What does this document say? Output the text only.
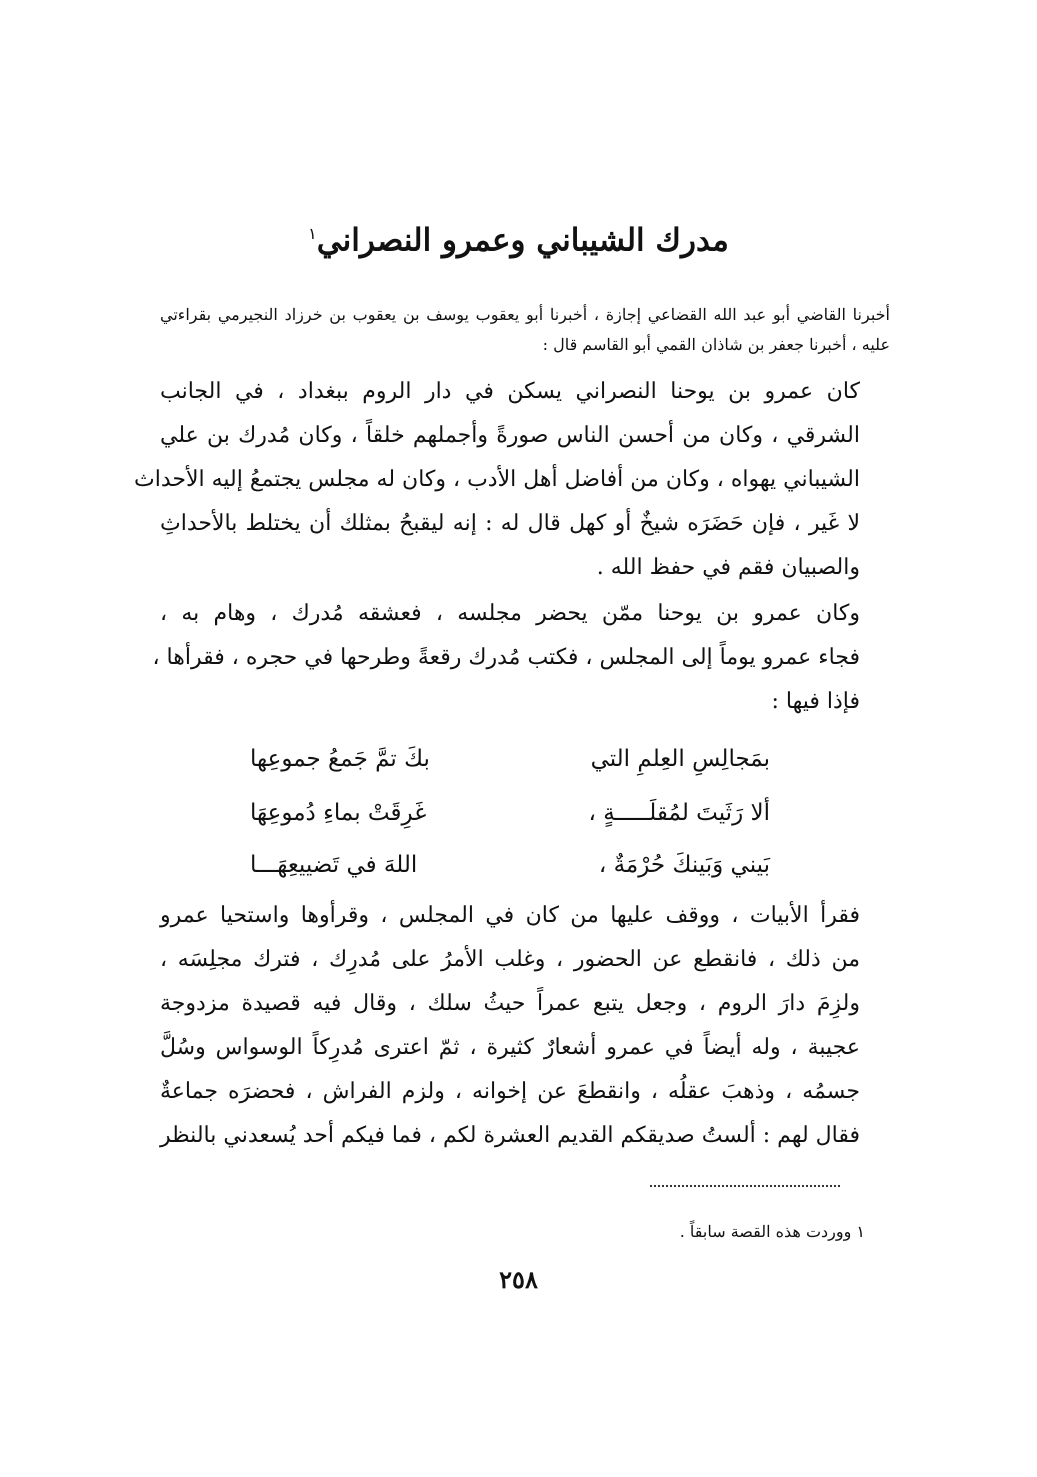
مدرك الشيباني وعمرو النصراني$^١$
أخبرنا القاضي أبو عبد الله القضاعي إجازة ، أخبرنا أبو يعقوب يوسف بن يعقوب بن خرزاد النجيرمي بقراءتي عليه ، أخبرنا جعفر بن شاذان القمي أبو القاسم قال :
كان عمرو بن يوحنا النصراني يسكن في دار الروم ببغداد ، في الجانب
الشرقي ، وكان من أحسن الناس صورةً وأجملهم خلقاً ، وكان مُدرك بن علي
الشيباني يهواه ، وكان من أفاضل أهل الأدب ، وكان له مجلس يجتمعُ إليه الأحداث
لا غَير ، فإن حَضَرَه شيخٌ أو كهل قال له : إنه ليقبحُ بمثلك أن يختلط بالأحداثِ
والصبيان فقم في حفظ الله .
وكان عمرو بن يوحنا ممّن يحضر مجلسه ، فعشقه مُدرك ، وهام به ،
فجاء عمرو يوماً إلى المجلس ، فكتب مُدرك رقعةً وطرحها في حجره ، فقرأها ،
فإذا فيها :
بمَجالِسِ العِلمِ التي
بكَ تمَّ جَمعُ جموعِها
ألا رَثَيتَ لمُقلَـــــةٍ ،
غَرِقَتْ بماءِ دُموعِهَا
بَيني وَبَينكَ حُرْمَةٌ ،
اللهَ في تَضييعِهَـــا
فقرأ الأبيات ، ووقف عليها من كان في المجلس ، وقرأوها واستحيا عمرو
من ذلك ، فانقطع عن الحضور ، وغلب الأمرُ على مُدرِك ، فترك مجلِسَه ،
ولزِمَ دارَ الروم ، وجعل يتبع عمراً حيثُ سلك ، وقال فيه قصيدة مزدوجة
عجيبة ، وله أيضاً في عمرو أشعارٌ كثيرة ، ثمّ اعترى مُدرِكاً الوسواس وسُلَّ
جسمُه ، وذهبَ عقلُه ، وانقطعَ عن إخوانه ، ولزم الفراش ، فحضرَه جماعةٌ
فقال لهم : ألستُ صديقكم القديم العشرة لكم ، فما فيكم أحد يُسعدني بالنظر
١ ووردت هذه القصة سابقاً .
٢٥٨
